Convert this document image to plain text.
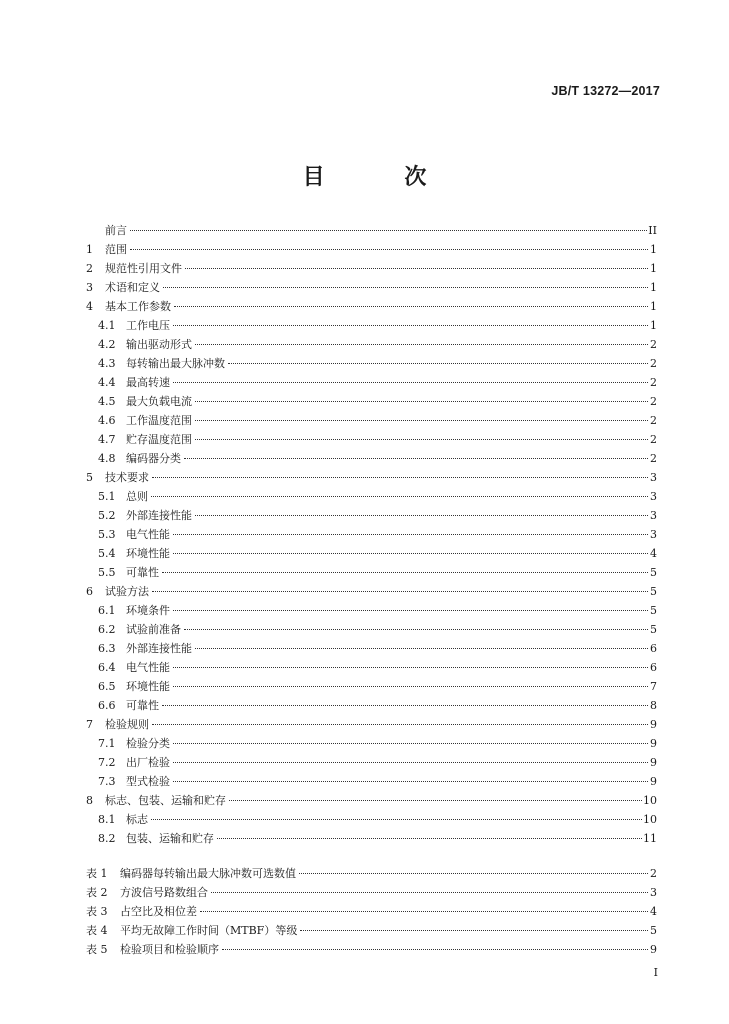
JB/T 13272—2017
目 次
前言	II
1	范围	1
2	规范性引用文件	1
3	术语和定义	1
4	基本工作参数	1
4.1 工作电压	1
4.2 输出驱动形式	2
4.3 每转输出最大脉冲数	2
4.4 最高转速	2
4.5 最大负载电流	2
4.6 工作温度范围	2
4.7 贮存温度范围	2
4.8 编码器分类	2
5	技术要求	3
5.1 总则	3
5.2 外部连接性能	3
5.3 电气性能	3
5.4 环境性能	4
5.5 可靠性	5
6	试验方法	5
6.1 环境条件	5
6.2 试验前准备	5
6.3 外部连接性能	6
6.4 电气性能	6
6.5 环境性能	7
6.6 可靠性	8
7	检验规则	9
7.1 检验分类	9
7.2 出厂检验	9
7.3 型式检验	9
8	标志、包装、运输和贮存	10
8.1 标志	10
8.2 包装、运输和贮存	11
表 1	编码器每转输出最大脉冲数可选数值	2
表 2	方波信号路数组合	3
表 3	占空比及相位差	4
表 4	平均无故障工作时间（MTBF）等级	5
表 5	检验项目和检验顺序	9
I
